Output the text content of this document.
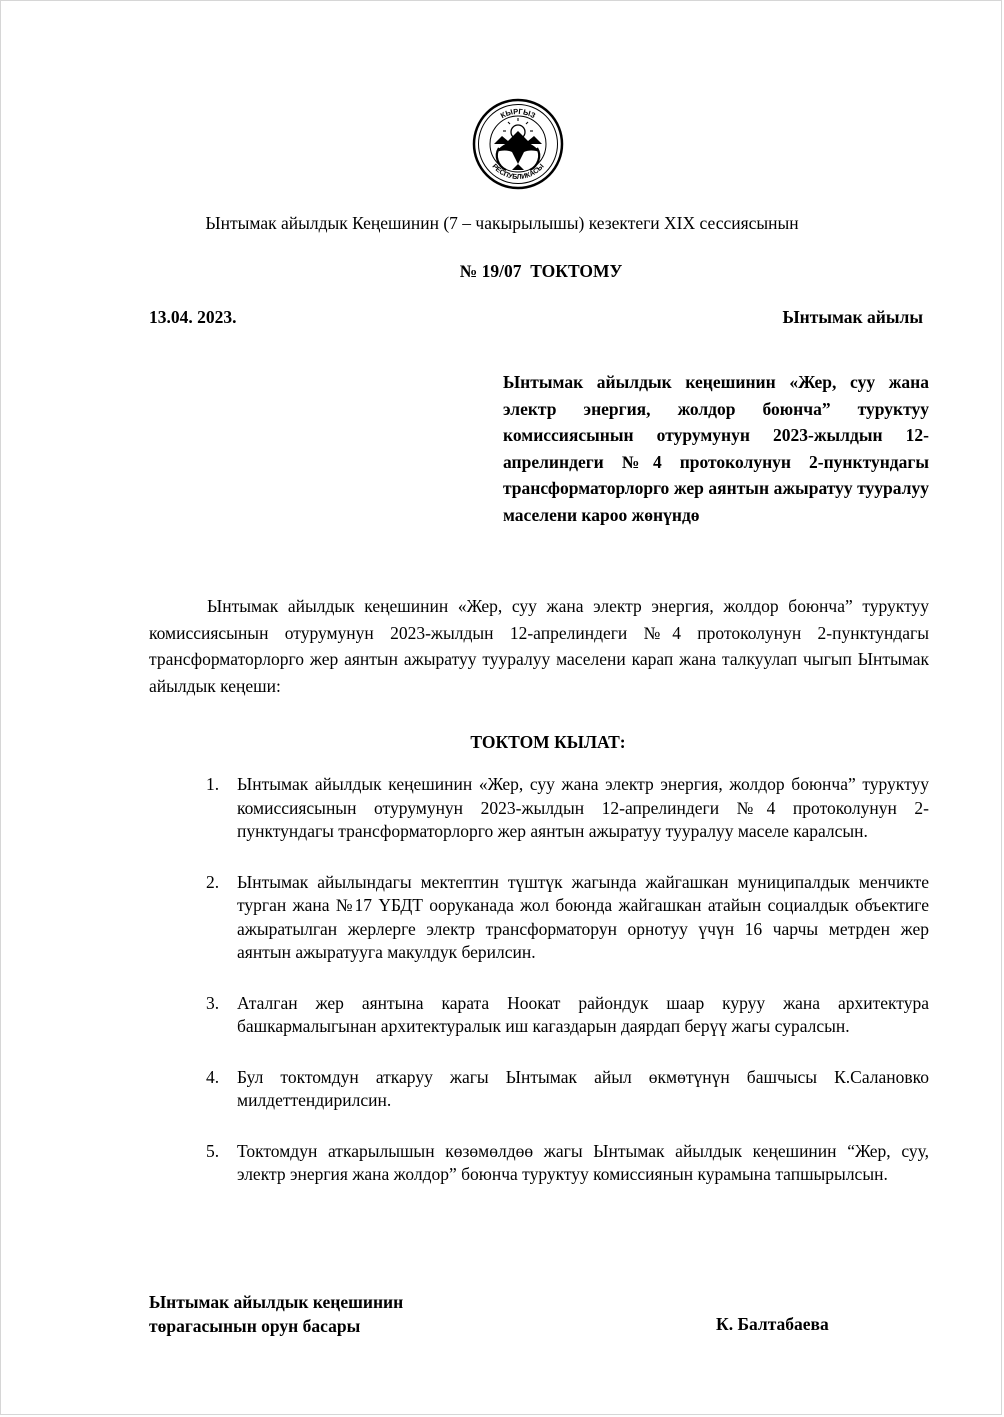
КЫРГЫЗ
РЕСПУБЛИКАСЫ
Ынтымак айылдык Кеңешинин (7 – чакырылышы) кезектеги XIX сессиясынын
№ 19/07  ТОКТОМУ
13.04. 2023.	Ынтымак айылы
Ынтымак айылдык кеңешинин «Жер, суу жана электр энергия, жолдор боюнча” туруктуу комиссиясынын отурумунун 2023-жылдын 12-апрелиндеги №4 протоколунун 2-пунктундагы трансформаторлорго жер аянтын ажыратуу тууралуу маселени кароо жөнүндө
Ынтымак айылдык кеңешинин «Жер, суу жана электр энергия, жолдор боюнча” туруктуу комиссиясынын отурумунун 2023-жылдын 12-апрелиндеги №4 протоколунун 2-пунктундагы трансформаторлорго жер аянтын ажыратуу тууралуу маселени карап жана талкуулап чыгып Ынтымак айылдык кеңеши:
ТОКТОМ КЫЛАТ:
1. Ынтымак айылдык кеңешинин «Жер, суу жана электр энергия, жолдор боюнча” туруктуу комиссиясынын отурумунун 2023-жылдын 12-апрелиндеги №4 протоколунун 2-пунктундагы трансформаторлорго жер аянтын ажыратуу тууралуу маселе каралсын.
2. Ынтымак айылындагы мектептин түштүк жагында жайгашкан муниципалдык менчикте турган жана №17 ҮБДТ ооруканада жол боюнда жайгашкан атайын социалдык объектиге ажыратылган жерлерге электр трансформаторун орнотуу үчүн 16 чарчы метрден жер аянтын ажыратууга макулдук берилсин.
3. Аталган жер аянтына карата Ноокат райондук шаар куруу жана архитектура башкармалыгынан архитектуралык иш кагаздарын даярдап берүү жагы суралсын.
4. Бул токтомдун аткаруу жагы Ынтымак айыл өкмөтүнүн башчысы К.Салановко милдеттендирилсин.
5. Токтомдун аткарылышын көзөмөлдөө жагы Ынтымак айылдык кеңешинин “Жер, суу, электр энергия жана жолдор” боюнча туруктуу комиссиянын курамына тапшырылсын.
Ынтымак айылдык кеңешинин
төрагасынын орун басары	К. Балтабаева
